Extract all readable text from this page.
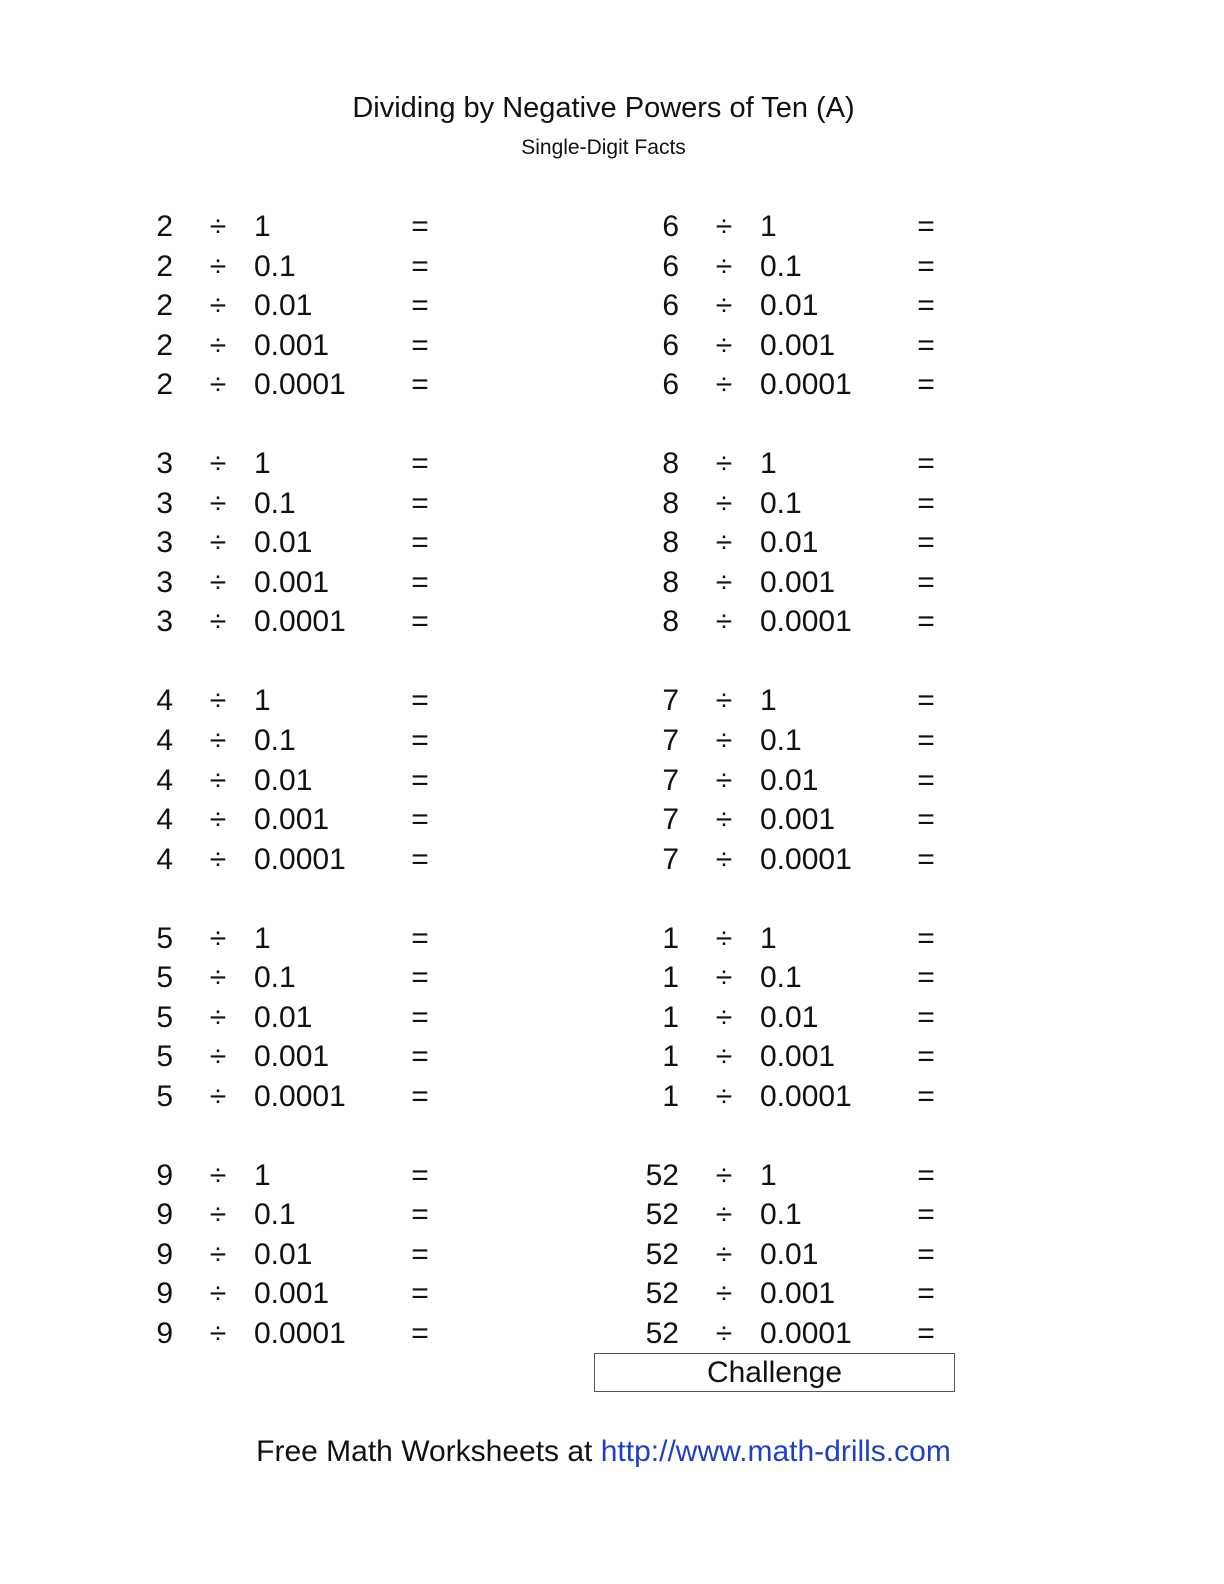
Dividing by Negative Powers of Ten (A)
Single-Digit Facts
2 ÷ 1	=
2 ÷ 0.1	=
2 ÷ 0.01	=
2 ÷ 0.001	=
2 ÷ 0.0001 =
3 ÷ 1	=
3 ÷ 0.1	=
3 ÷ 0.01	=
3 ÷ 0.001	=
3 ÷ 0.0001 =
4 ÷ 1	=
4 ÷ 0.1	=
4 ÷ 0.01	=
4 ÷ 0.001	=
4 ÷ 0.0001 =
5 ÷ 1	=
5 ÷ 0.1	=
5 ÷ 0.01	=
5 ÷ 0.001	=
5 ÷ 0.0001 =
9 ÷ 1	=
9 ÷ 0.1	=
9 ÷ 0.01	=
9 ÷ 0.001	=
9 ÷ 0.0001 =
6 ÷ 1	=
6 ÷ 0.1	=
6 ÷ 0.01	=
6 ÷ 0.001	=
6 ÷ 0.0001 =
8 ÷ 1	=
8 ÷ 0.1	=
8 ÷ 0.01	=
8 ÷ 0.001	=
8 ÷ 0.0001 =
7 ÷ 1	=
7 ÷ 0.1	=
7 ÷ 0.01	=
7 ÷ 0.001	=
7 ÷ 0.0001 =
1 ÷ 1	=
1 ÷ 0.1	=
1 ÷ 0.01	=
1 ÷ 0.001	=
1 ÷ 0.0001 =
52 ÷ 1	=
52 ÷ 0.1	=
52 ÷ 0.01	=
52 ÷ 0.001	=
52 ÷ 0.0001 =
Challenge
Free Math Worksheets at http://www.math-drills.com
